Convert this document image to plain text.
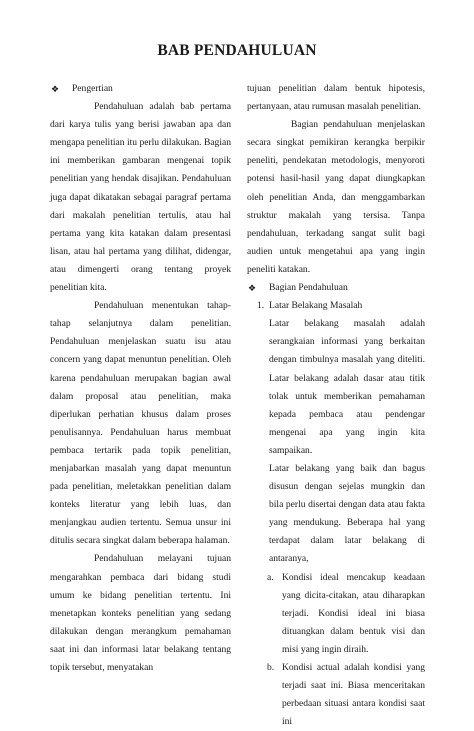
BAB PENDAHULUAN
❖ Pengertian

Pendahuluan adalah bab pertama dari karya tulis yang berisi jawaban apa dan mengapa penelitian itu perlu dilakukan. Bagian ini memberikan gambaran mengenai topik penelitian yang hendak disajikan. Pendahuluan juga dapat dikatakan sebagai paragraf pertama dari makalah penelitian tertulis, atau hal pertama yang kita katakan dalam presentasi lisan, atau hal pertama yang dilihat, didengar, atau dimengerti orang tentang proyek penelitian kita.

Pendahuluan menentukan tahap-tahap selanjutnya dalam penelitian. Pendahuluan menjelaskan suatu isu atau concern yang dapat menuntun penelitian. Oleh karena pendahuluan merupakan bagian awal dalam proposal atau penelitian, maka diperlukan perhatian khusus dalam proses penulisannya. Pendahuluan harus membuat pembaca tertarik pada topik penelitian, menjabarkan masalah yang dapat menuntun pada penelitian, meletakkan penelitian dalam konteks literatur yang lebih luas, dan menjangkau audien tertentu. Semua unsur ini ditulis secara singkat dalam beberapa halaman.

Pendahuluan melayani tujuan mengarahkan pembaca dari bidang studi umum ke bidang penelitian tertentu. Ini menetapkan konteks penelitian yang sedang dilakukan dengan merangkum pemahaman saat ini dan informasi latar belakang tentang topik tersebut, menyatakan

tujuan penelitian dalam bentuk hipotesis, pertanyaan, atau rumusan masalah penelitian.

Bagian pendahuluan menjelaskan secara singkat pemikiran kerangka berpikir peneliti, pendekatan metodologis, menyoroti potensi hasil-hasil yang dapat diungkapkan oleh penelitian Anda, dan menggambarkan struktur makalah yang tersisa. Tanpa pendahuluan, terkadang sangat sulit bagi audien untuk mengetahui apa yang ingin peneliti katakan.

❖ Bagian Pendahuluan
1. Latar Belakang Masalah

Latar belakang masalah adalah serangkaian informasi yang berkaitan dengan timbulnya masalah yang diteliti. Latar belakang adalah dasar atau titik tolak untuk memberikan pemahaman kepada pembaca atau pendengar mengenai apa yang ingin kita sampaikan.

Latar belakang yang baik dan bagus disusun dengan sejelas mungkin dan bila perlu disertai dengan data atau fakta yang mendukung. Beberapa hal yang terdapat dalam latar belakang di antaranya,

a. Kondisi ideal mencakup keadaan yang dicita-citakan, atau diharapkan terjadi. Kondisi ideal ini biasa dituangkan dalam bentuk visi dan misi yang ingin diraih.
b. Kondisi actual adalah kondisi yang terjadi saat ini. Biasa menceritakan perbedaan situasi antara kondisi saat ini
